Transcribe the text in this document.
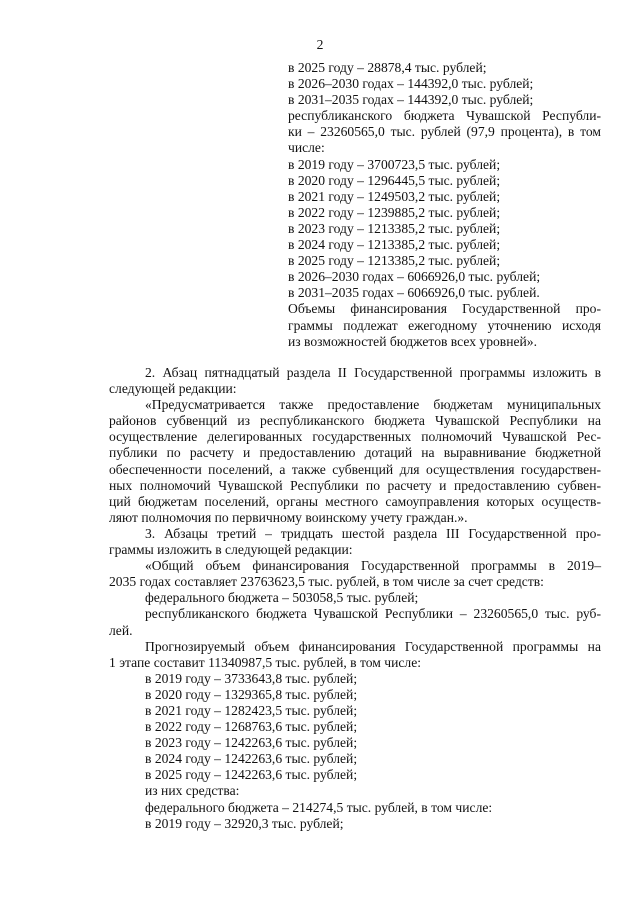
2
в 2025 году – 28878,4 тыс. рублей;
в 2026–2030 годах – 144392,0 тыс. рублей;
в 2031–2035 годах – 144392,0 тыс. рублей;
республиканского бюджета Чувашской Республи-
ки – 23260565,0 тыс. рублей (97,9 процента), в том
числе:
в 2019 году – 3700723,5 тыс. рублей;
в 2020 году – 1296445,5 тыс. рублей;
в 2021 году – 1249503,2 тыс. рублей;
в 2022 году – 1239885,2 тыс. рублей;
в 2023 году – 1213385,2 тыс. рублей;
в 2024 году – 1213385,2 тыс. рублей;
в 2025 году – 1213385,2 тыс. рублей;
в 2026–2030 годах – 6066926,0 тыс. рублей;
в 2031–2035 годах – 6066926,0 тыс. рублей.
Объемы финансирования Государственной про-
граммы подлежат ежегодному уточнению исходя
из возможностей бюджетов всех уровней».
2. Абзац пятнадцатый раздела II Государственной программы изложить в
следующей редакции:
«Предусматривается также предоставление бюджетам муниципальных
районов субвенций из республиканского бюджета Чувашской Республики на
осуществление делегированных государственных полномочий Чувашской Рес-
публики по расчету и предоставлению дотаций на выравнивание бюджетной
обеспеченности поселений, а также субвенций для осуществления государствен-
ных полномочий Чувашской Республики по расчету и предоставлению субвен-
ций бюджетам поселений, органы местного самоуправления которых осуществ-
ляют полномочия по первичному воинскому учету граждан.».
3. Абзацы третий – тридцать шестой раздела III Государственной про-
граммы изложить в следующей редакции:
«Общий объем финансирования Государственной программы в 2019–
2035 годах составляет 23763623,5 тыс. рублей, в том числе за счет средств:
федерального бюджета – 503058,5 тыс. рублей;
республиканского бюджета Чувашской Республики – 23260565,0 тыс. руб-
лей.
Прогнозируемый объем финансирования Государственной программы на
1 этапе составит 11340987,5 тыс. рублей, в том числе:
в 2019 году – 3733643,8 тыс. рублей;
в 2020 году – 1329365,8 тыс. рублей;
в 2021 году – 1282423,5 тыс. рублей;
в 2022 году – 1268763,6 тыс. рублей;
в 2023 году – 1242263,6 тыс. рублей;
в 2024 году – 1242263,6 тыс. рублей;
в 2025 году – 1242263,6 тыс. рублей;
из них средства:
федерального бюджета – 214274,5 тыс. рублей, в том числе:
в 2019 году – 32920,3 тыс. рублей;
